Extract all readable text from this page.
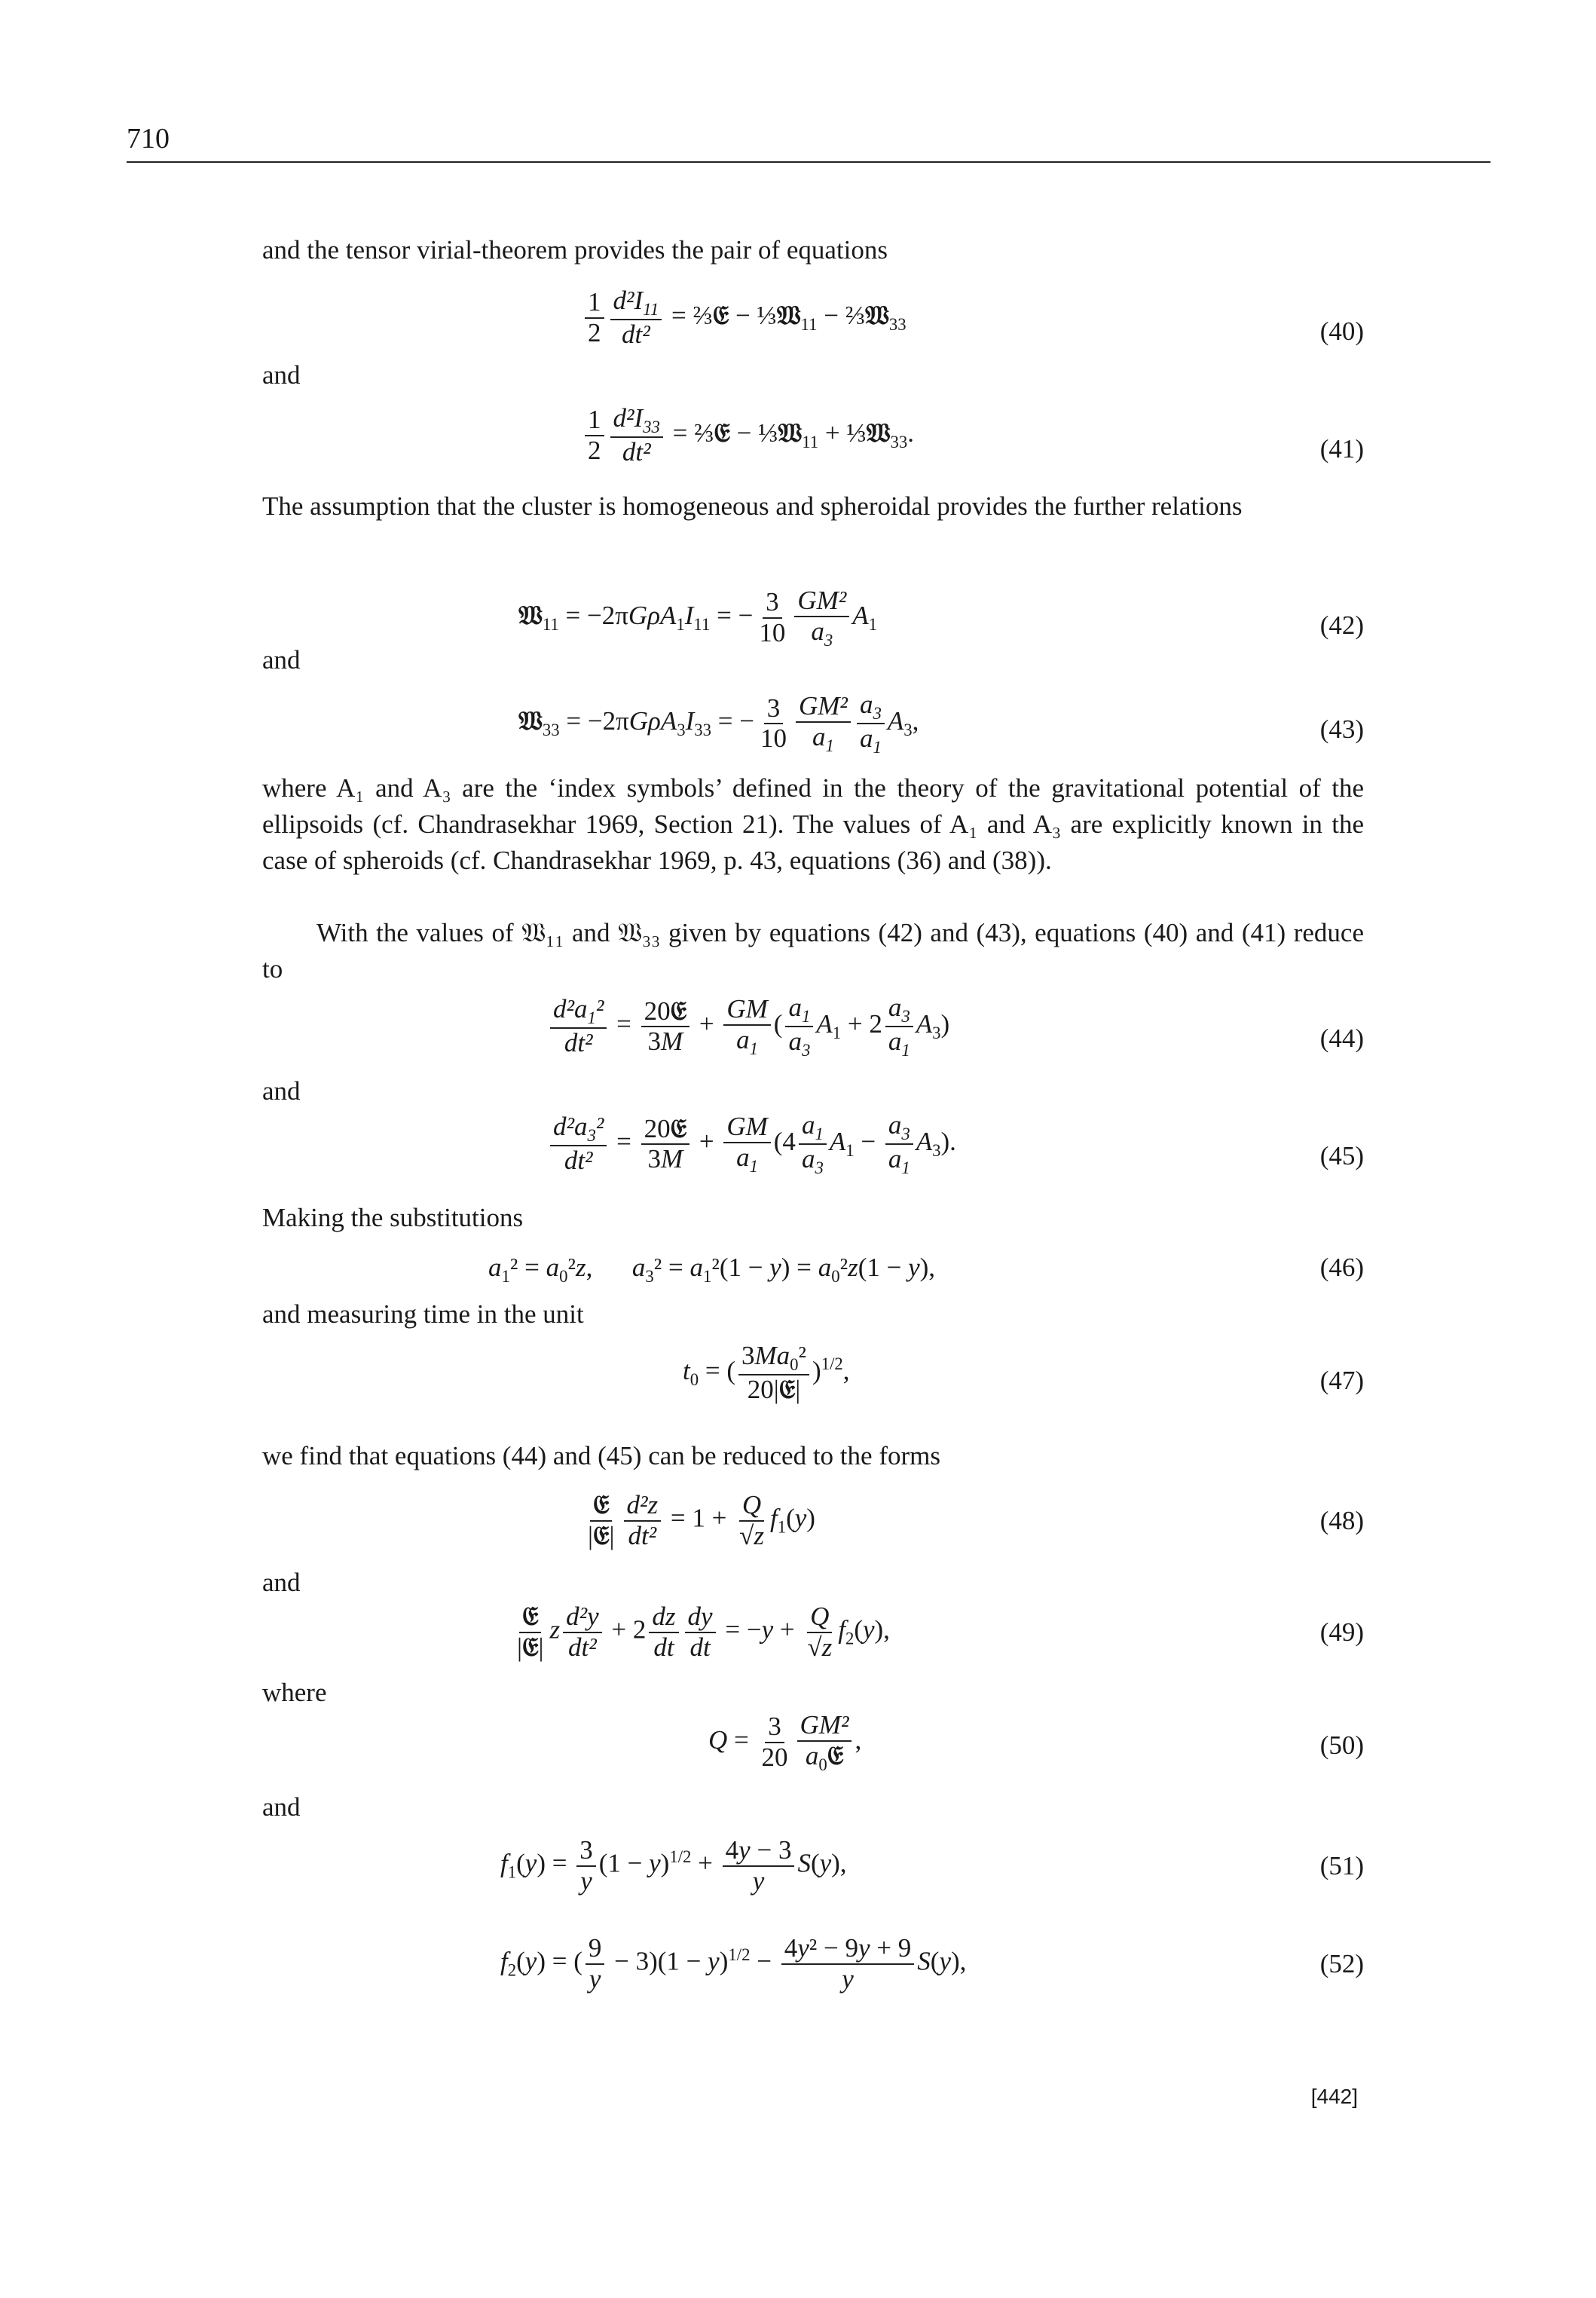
710
and the tensor virial-theorem provides the pair of equations
$\frac{1}{2} \frac{d^2I_{11}}{\text{dt²}}$ = ⅔𝔈 − ⅓𝔚$_{11}$ − ⅔𝔚$_{33}$	(40)
and
$\frac{1}{2} \frac{d^2I_{33}}{\text{dt²}}$ = ⅔𝔈 − ⅓𝔚$_{11}$ + ⅓𝔚$_{33}$.
(41)
The assumption that the cluster is homogeneous and spheroidal provides the further relations
𝔚$_{11}$ = $-2\pi G\rho A_1I_{11}$ = − $\frac{3}{10} \frac{\text{GM²}}{a_3} A_1$	(42)
and
𝔚$_{33}$ = $-2\pi G\rho A_3I_{33}$ = − $\frac{3}{10} \frac{\text{GM²}}{a_1} \frac{a_3}{a_1} A_3$,	(43)
where A₁ and A₃ are the ‘index symbols’ defined in the theory of the gravitational potential of the ellipsoids (cf. Chandrasekhar 1969, Section 21). The values of A₁ and A₃ are explicitly known in the case of spheroids (cf. Chandrasekhar 1969, p. 43, equations (36) and (38)).
With the values of 𝔚₁₁ and 𝔚₃₃ given by equations (42) and (43), equations (40) and (41) reduce to
$\frac{d^2a_1^2}{\text{dt²}} = \frac{\text{20𝔈}}{3M} + \frac{GM}{a_1}$ ( $\frac{a_1}{a_3} A_1 + 2 \frac{a_3}{a_1} A_3$)	(44)
and
$\frac{d^2a_3^2}{\text{dt²}} = \frac{\text{20𝔈}}{3M} + \frac{GM}{a_1} (4 \frac{a_1}{a_3} A_1 - \frac{a_3}{a_1} A_3)$.	(45)
Making the substitutions
$a_1^2 = a_0^2z$,      $a_3^2 = a_1^2(1 - y) = a_0^2z(1 - y)$,	(46)
and measuring time in the unit
$t_0$ = ( $\frac{3Ma_0^2}{\text{20|𝔈|}} )^{1/2}$,	(47)
we find that equations (44) and (45) can be reduced to the forms
$\frac{\text{𝔈}}{\text{|𝔈|}} \frac{\text{d²z}}{\text{dt²}} = 1 + \frac{Q}{√z} f_1(y)$	(48)
and
$\frac{\text{𝔈}}{\text{|𝔈|}}$ z $\frac{\text{d²y}}{\text{dt²}} + 2 \frac{dz}{dt} \frac{dy}{dt} = -y + \frac{Q}{√z} f_2(y)$,	(49)
where
$Q = \frac{3}{20} \frac{\text{GM²}}{a_0𝔈}$ ,	(50)
and
$f_1(y) = \frac{3}{y} (1 - y)^{1/2} + \frac{4y - 3}{y} S(y)$,	(51)
$f_2(y)$ = ( $\frac{9}{y} - 3)(1 - y)^{1/2} - \frac{\text{4y² − 9y + 9}}{y} S(y)$,	(52)
[442]
